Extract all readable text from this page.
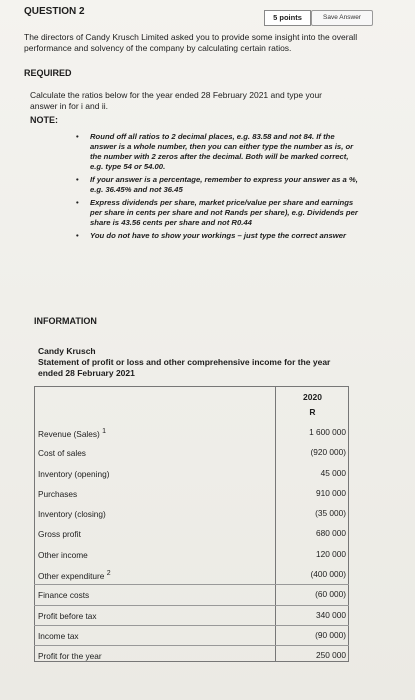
QUESTION 2
5 points	Save Answer
The directors of Candy Krusch Limited asked you to provide some insight into the overall performance and solvency of the company by calculating certain ratios.
REQUIRED
Calculate the ratios below for the year ended 28 February 2021 and type your answer in for i and ii.
NOTE:
• Round off all ratios to 2 decimal places, e.g. 83.58 and not 84. If the answer is a whole number, then you can either type the number as is, or the number with 2 zeros after the decimal. Both will be marked correct, e.g. type 54 or 54.00.
• If your answer is a percentage, remember to express your answer as a %, e.g. 36.45% and not 36.45
• Express dividends per share, market price/value per share and earnings per share in cents per share and not Rands per share), e.g. Dividends per share is 43.56 cents per share and not R0.44
• You do not have to show your workings – just type the correct answer
INFORMATION
Candy Krusch
Statement of profit or loss and other comprehensive income for the year ended 28 February 2021
2020
R
Revenue (Sales) $^1$	1 600 000
Cost of sales	(920 000)
Inventory (opening)	45 000
Purchases	910 000
Inventory (closing)	(35 000)
Gross profit	680 000
Other income	120 000
Other expenditure $^2$	(400 000)
Finance costs	(60 000)
Profit before tax	340 000
Income tax	(90 000)
Profit for the year	250 000
